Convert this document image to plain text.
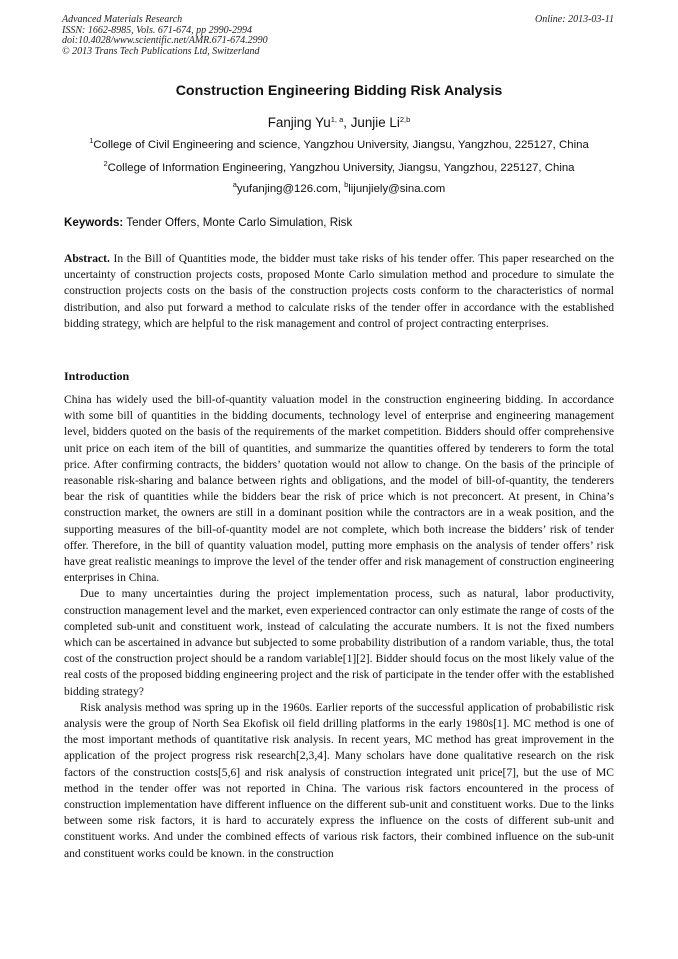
Advanced Materials Research
ISSN: 1662-8985, Vols. 671-674, pp 2990-2994
doi:10.4028/www.scientific.net/AMR.671-674.2990
© 2013 Trans Tech Publications Ltd, Switzerland
Online: 2013-03-11
Construction Engineering Bidding Risk Analysis
Fanjing Yu$^{1, a}$, Junjie Li$^{2,b}$
$^1$College of Civil Engineering and science, Yangzhou University, Jiangsu, Yangzhou, 225127, China
$^2$College of Information Engineering, Yangzhou University, Jiangsu, Yangzhou, 225127, China
$^a$yufanjing@126.com, $^b$lijunjiely@sina.com
Keywords: Tender Offers, Monte Carlo Simulation, Risk

Abstract. In the Bill of Quantities mode, the bidder must take risks of his tender offer. This paper researched on the uncertainty of construction projects costs, proposed Monte Carlo simulation method and procedure to simulate the construction projects costs on the basis of the construction projects costs conform to the characteristics of normal distribution, and also put forward a method to calculate risks of the tender offer in accordance with the established bidding strategy, which are helpful to the risk management and control of project contracting enterprises.

Introduction

China has widely used the bill-of-quantity valuation model in the construction engineering bidding. In accordance with some bill of quantities in the bidding documents, technology level of enterprise and engineering management level, bidders quoted on the basis of the requirements of the market competition. Bidders should offer comprehensive unit price on each item of the bill of quantities, and summarize the quantities offered by tenderers to form the total price. After confirming contracts, the bidders’ quotation would not allow to change. On the basis of the principle of reasonable risk-sharing and balance between rights and obligations, and the model of bill-of-quantity, the tenderers bear the risk of quantities while the bidders bear the risk of price which is not preconcert. At present, in China’s construction market, the owners are still in a dominant position while the contractors are in a weak position, and the supporting measures of the bill-of-quantity model are not complete, which both increase the bidders’ risk of tender offer. Therefore, in the bill of quantity valuation model, putting more emphasis on the analysis of tender offers’ risk have great realistic meanings to improve the level of the tender offer and risk management of construction engineering enterprises in China.

Due to many uncertainties during the project implementation process, such as natural, labor productivity, construction management level and the market, even experienced contractor can only estimate the range of costs of the completed sub-unit and constituent work, instead of calculating the accurate numbers. It is not the fixed numbers which can be ascertained in advance but subjected to some probability distribution of a random variable, thus, the total cost of the construction project should be a random variable[1][2]. Bidder should focus on the most likely value of the real costs of the proposed bidding engineering project and the risk of participate in the tender offer with the established bidding strategy?

Risk analysis method was spring up in the 1960s. Earlier reports of the successful application of probabilistic risk analysis were the group of North Sea Ekofisk oil field drilling platforms in the early 1980s[1]. MC method is one of the most important methods of quantitative risk analysis. In recent years, MC method has great improvement in the application of the project progress risk research[2,3,4]. Many scholars have done qualitative research on the risk factors of the construction costs[5,6] and risk analysis of construction integrated unit price[7], but the use of MC method in the tender offer was not reported in China. The various risk factors encountered in the process of construction implementation have different influence on the different sub-unit and constituent works. Due to the links between some risk factors, it is hard to accurately express the influence on the costs of different sub-unit and constituent works. And under the combined effects of various risk factors, their combined influence on the sub-unit and constituent works could be known. in the construction
